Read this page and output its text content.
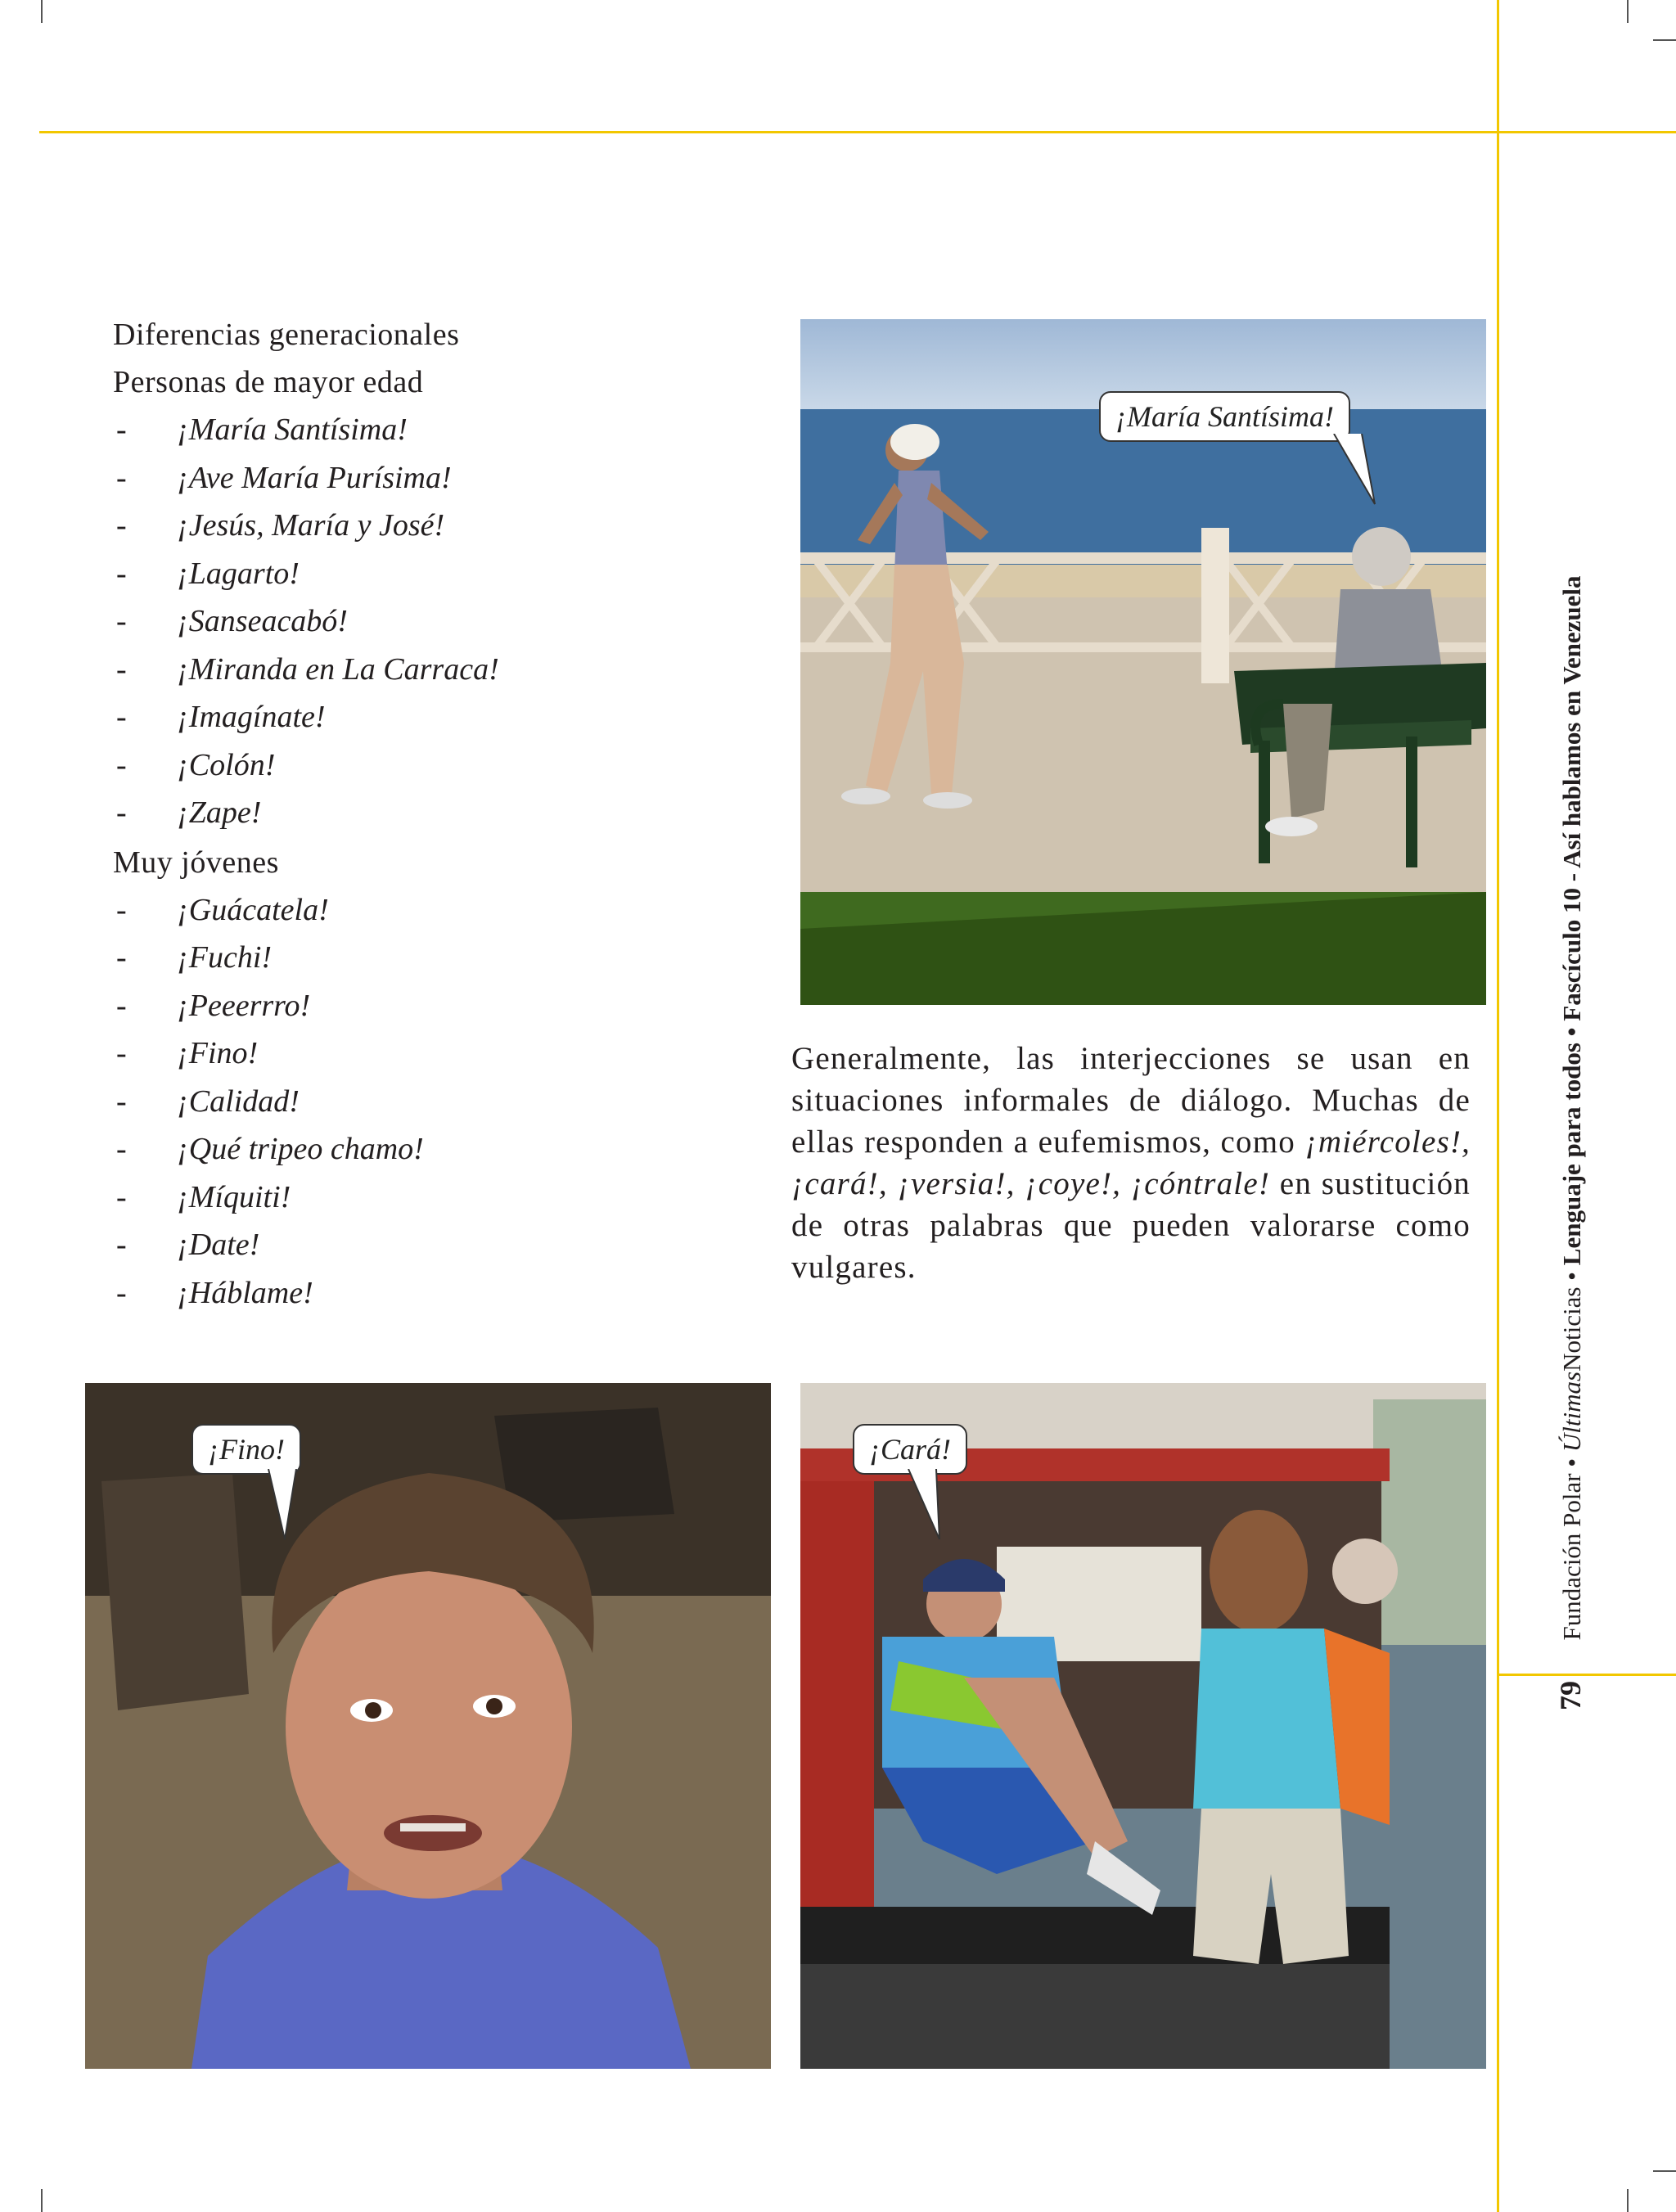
Diferencias generacionales
Personas de mayor edad
- ¡María Santísima!
- ¡Ave María Purísima!
- ¡Jesús, María y José!
- ¡Lagarto!
- ¡Sanseacabó!
- ¡Miranda en La Carraca!
- ¡Imagínate!
- ¡Colón!
- ¡Zape!
Muy jóvenes
- ¡Guácatela!
- ¡Fuchi!
- ¡Peeerrro!
- ¡Fino!
- ¡Calidad!
- ¡Qué tripeo chamo!
- ¡Míquiti!
- ¡Date!
- ¡Háblame!
¡María Santísima!
Generalmente, las interjecciones se usan en situaciones informales de diálogo. Muchas de ellas responden a eufemismos, como ¡miércoles!, ¡cará!, ¡versia!, ¡coye!, ¡cóntrale! en sustitución de otras palabras que pueden valorarse como vulgares.
¡Fino!	¡Cará!
79  Fundación Polar • ÚltimasNoticias • Lenguaje para todos • Fascículo 10 - Así hablamos en Venezuela
